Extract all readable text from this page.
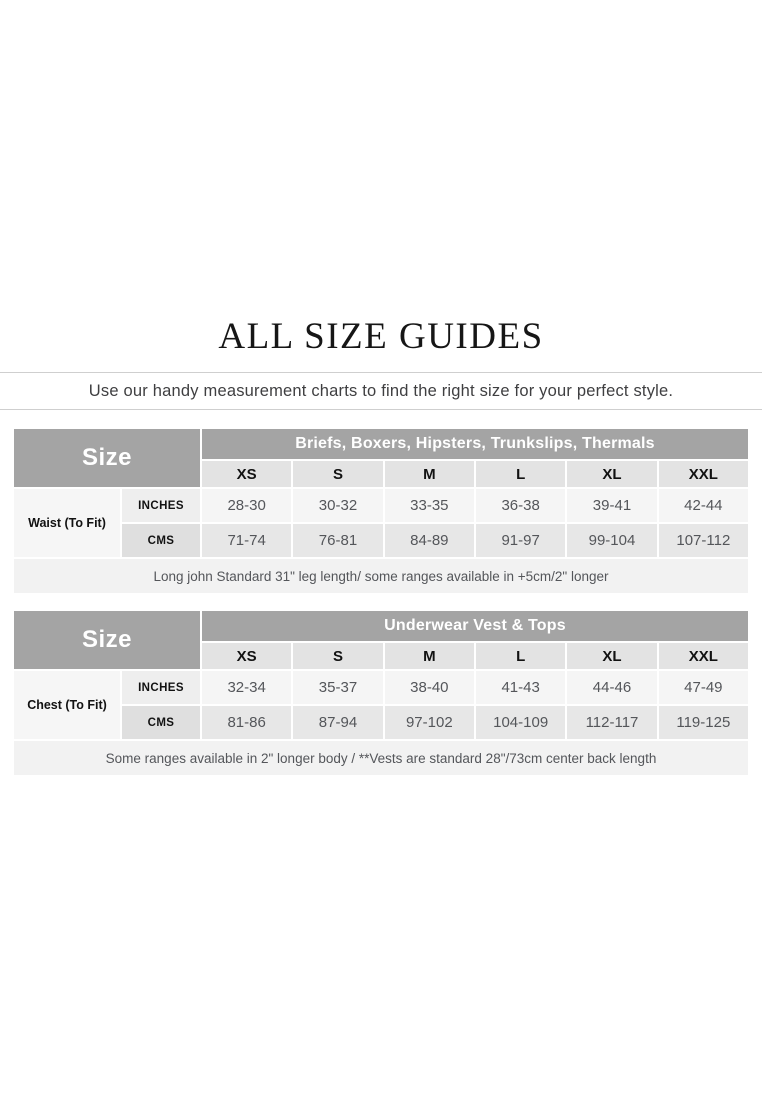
ALL SIZE GUIDES

Use our handy measurement charts to find the right size for your perfect style.

Size
Briefs, Boxers, Hipsters, Trunkslips, Thermals
XS	S	M	L	XL	XXL
Waist (To Fit)
INCHES	28-30	30-32	33-35	36-38	39-41	42-44
CMS	71-74	76-81	84-89	91-97	99-104	107-112
Long john Standard 31" leg length/ some ranges available in +5cm/2" longer
Size
Underwear Vest & Tops
XS	S	M	L	XL	XXL
Chest (To Fit)
INCHES	32-34	35-37	38-40	41-43	44-46	47-49
CMS	81-86	87-94	97-102	104-109	112-117	119-125
Some ranges available in 2" longer body / **Vests are standard 28"/73cm center back length
